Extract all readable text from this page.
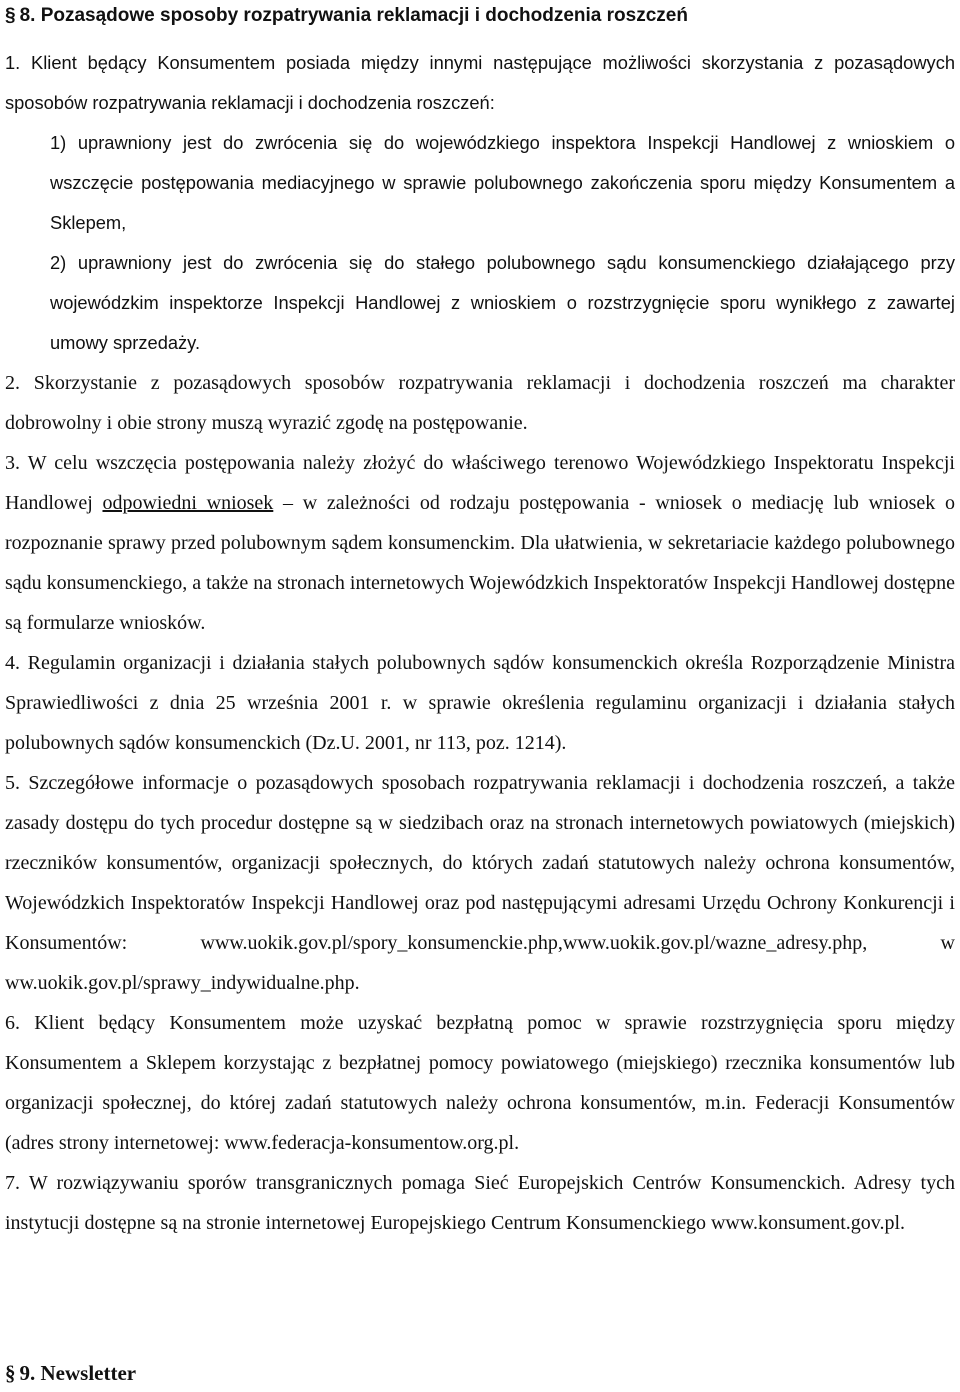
§ 8. Pozasądowe sposoby rozpatrywania reklamacji i dochodzenia roszczeń

1. Klient będący Konsumentem posiada między innymi następujące możliwości skorzystania z pozasądowych sposobów rozpatrywania reklamacji i dochodzenia roszczeń:

1) uprawniony jest do zwrócenia się do wojewódzkiego inspektora Inspekcji Handlowej z wnioskiem o wszczęcie postępowania mediacyjnego w sprawie polubownego zakończenia sporu między Konsumentem a Sklepem,

2) uprawniony jest do zwrócenia się do stałego polubownego sądu konsumenckiego działającego przy wojewódzkim inspektorze Inspekcji Handlowej z wnioskiem o rozstrzygnięcie sporu wynikłego z zawartej umowy sprzedaży.

2. Skorzystanie z pozasądowych sposobów rozpatrywania reklamacji i dochodzenia roszczeń ma charakter dobrowolny i obie strony muszą wyrazić zgodę na postępowanie.

3. W celu wszczęcia postępowania należy złożyć do właściwego terenowo Wojewódzkiego Inspektoratu Inspekcji Handlowej odpowiedni wniosek – w zależności od rodzaju postępowania - wniosek o mediację lub wniosek o rozpoznanie sprawy przed polubownym sądem konsumenckim. Dla ułatwienia, w sekretariacie każdego polubownego sądu konsumenckiego, a także na stronach internetowych Wojewódzkich Inspektoratów Inspekcji Handlowej dostępne są formularze wniosków.

4. Regulamin organizacji i działania stałych polubownych sądów konsumenckich określa Rozporządzenie Ministra Sprawiedliwości z dnia 25 września 2001 r. w sprawie określenia regulaminu organizacji i działania stałych polubownych sądów konsumenckich (Dz.U. 2001, nr 113, poz. 1214).

5. Szczegółowe informacje o pozasądowych sposobach rozpatrywania reklamacji i dochodzenia roszczeń, a także zasady dostępu do tych procedur dostępne są w siedzibach oraz na stronach internetowych powiatowych (miejskich) rzeczników konsumentów, organizacji społecznych, do których zadań statutowych należy ochrona konsumentów, Wojewódzkich Inspektoratów Inspekcji Handlowej oraz pod następującymi adresami Urzędu Ochrony Konkurencji i Konsumentów: www.uokik.gov.pl/spory_konsumenckie.php,www.uokik.gov.pl/wazne_adresy.php, w ww.uokik.gov.pl/sprawy_indywidualne.php.

6. Klient będący Konsumentem może uzyskać bezpłatną pomoc w sprawie rozstrzygnięcia sporu między Konsumentem a Sklepem korzystając z bezpłatnej pomocy powiatowego (miejskiego) rzecznika konsumentów lub organizacji społecznej, do której zadań statutowych należy ochrona konsumentów, m.in. Federacji Konsumentów (adres strony internetowej: www.federacja-konsumentow.org.pl.

7. W rozwiązywaniu sporów transgranicznych pomaga Sieć Europejskich Centrów Konsumenckich. Adresy tych instytucji dostępne są na stronie internetowej Europejskiego Centrum Konsumenckiego www.konsument.gov.pl.

§ 9. Newsletter
